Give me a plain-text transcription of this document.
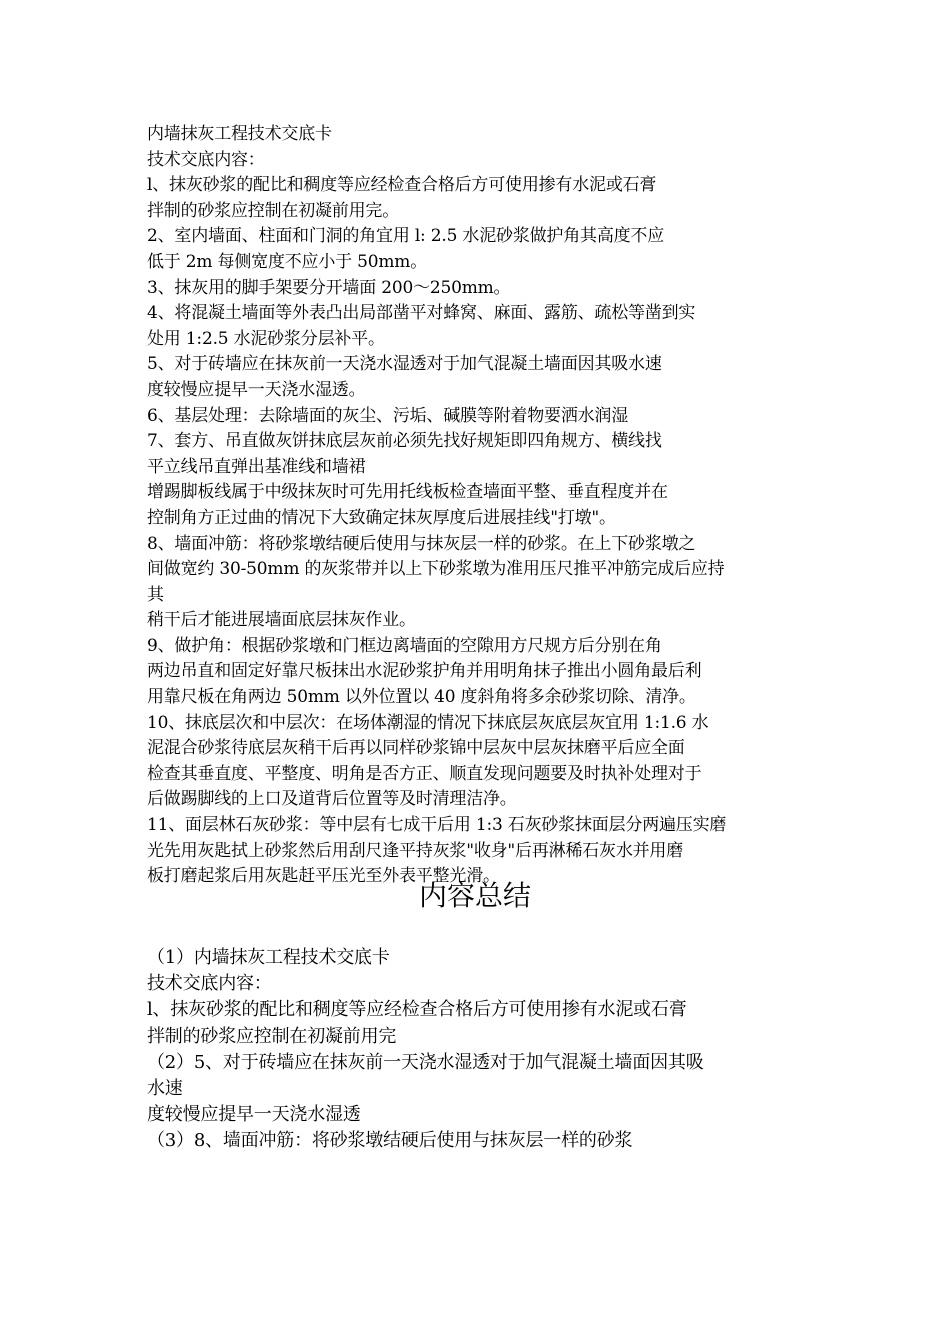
内墙抹灰工程技术交底卡
技术交底内容：
l、抹灰砂浆的配比和稠度等应经检查合格后方可使用掺有水泥或石膏
拌制的砂浆应控制在初凝前用完。
2、室内墙面、柱面和门洞的角宜用 l: 2.5 水泥砂浆做护角其高度不应
低于 2m 每侧宽度不应小于 50mm。
3、抹灰用的脚手架要分开墙面 200～250mm。
4、将混凝土墙面等外表凸出局部凿平对蜂窝、麻面、露筋、疏松等凿到实
处用 1:2.5 水泥砂浆分层补平。
5、对于砖墙应在抹灰前一天浇水湿透对于加气混凝土墙面因其吸水速
度较慢应提早一天浇水湿透。
6、基层处理：去除墙面的灰尘、污垢、碱膜等附着物要洒水润湿
7、套方、吊直做灰饼抹底层灰前必须先找好规矩即四角规方、横线找
平立线吊直弹出基准线和墙裙
增踢脚板线属于中级抹灰时可先用托线板检查墙面平整、垂直程度并在
控制角方正过曲的情况下大致确定抹灰厚度后进展挂线"打墩"。
8、墙面冲筋：将砂浆墩结硬后使用与抹灰层一样的砂浆。在上下砂浆墩之
间做宽约 30-50mm 的灰浆带并以上下砂浆墩为准用压尺推平冲筋完成后应持
其
稍干后才能进展墙面底层抹灰作业。
9、做护角：根据砂浆墩和门框边离墙面的空隙用方尺规方后分别在角
两边吊直和固定好靠尺板抹出水泥砂浆护角并用明角抹子推出小圆角最后利
用靠尺板在角两边 50mm 以外位置以 40 度斜角将多余砂浆切除、清净。
10、抹底层次和中层次：在场体潮湿的情况下抹底层灰底层灰宜用 1:1.6 水
泥混合砂浆待底层灰稍干后再以同样砂浆锦中层灰中层灰抹磨平后应全面
检查其垂直度、平整度、明角是否方正、顺直发现问题要及时执补处理对于
后做踢脚线的上口及道背后位置等及时清理洁净。
11、面层林石灰砂浆：等中层有七成干后用 1:3 石灰砂浆抹面层分两遍压实磨
光先用灰匙拭上砂浆然后用刮尺逢平持灰浆"收身"后再淋稀石灰水并用磨
板打磨起浆后用灰匙赶平压光至外表平整光滑。
内容总结
（1）内墙抹灰工程技术交底卡
技术交底内容：
l、抹灰砂浆的配比和稠度等应经检查合格后方可使用掺有水泥或石膏
拌制的砂浆应控制在初凝前用完
（2）5、对于砖墙应在抹灰前一天浇水湿透对于加气混凝土墙面因其吸
水速
度较慢应提早一天浇水湿透
（3）8、墙面冲筋：将砂浆墩结硬后使用与抹灰层一样的砂浆
